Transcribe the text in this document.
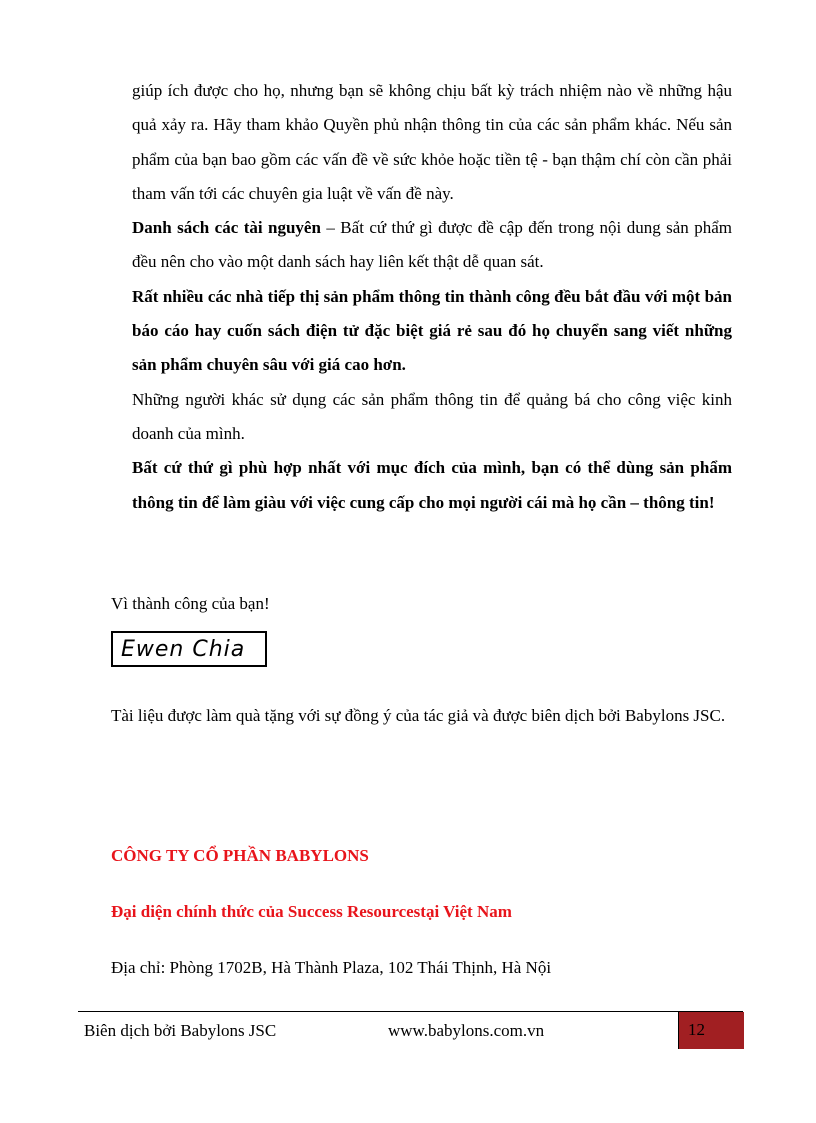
giúp ích được cho họ, nhưng bạn sẽ không chịu bất kỳ trách nhiệm nào về những hậu quả xảy ra. Hãy tham khảo Quyền phủ nhận thông tin của các sản phẩm khác. Nếu sản phẩm của bạn bao gồm các vấn đề về sức khỏe hoặc tiền tệ - bạn thậm chí còn cần phải tham vấn tới các chuyên gia luật về vấn đề này.

Danh sách các tài nguyên – Bất cứ thứ gì được đề cập đến trong nội dung sản phẩm đều nên cho vào một danh sách hay liên kết thật dễ quan sát.

Rất nhiều các nhà tiếp thị sản phẩm thông tin thành công đều bắt đầu với một bản báo cáo hay cuốn sách điện tử đặc biệt giá rẻ sau đó họ chuyển sang viết những sản phẩm chuyên sâu với giá cao hơn.

Những người khác sử dụng các sản phẩm thông tin để quảng bá cho công việc kinh doanh của mình.

Bất cứ thứ gì phù hợp nhất với mục đích của mình, bạn có thể dùng sản phẩm thông tin để làm giàu với việc cung cấp cho mọi người cái mà họ cần – thông tin!

Vì thành công của bạn!
Ewen Chia
Tài liệu được làm quà tặng với sự đồng ý của tác giả và được biên dịch bởi Babylons JSC.
CÔNG TY CỔ PHẦN BABYLONS
Đại diện chính thức của Success Resourcestại Việt Nam
Địa chỉ: Phòng 1702B, Hà Thành Plaza, 102 Thái Thịnh, Hà Nội
Biên dịch bởi Babylons JSC	www.babylons.com.vn	12
